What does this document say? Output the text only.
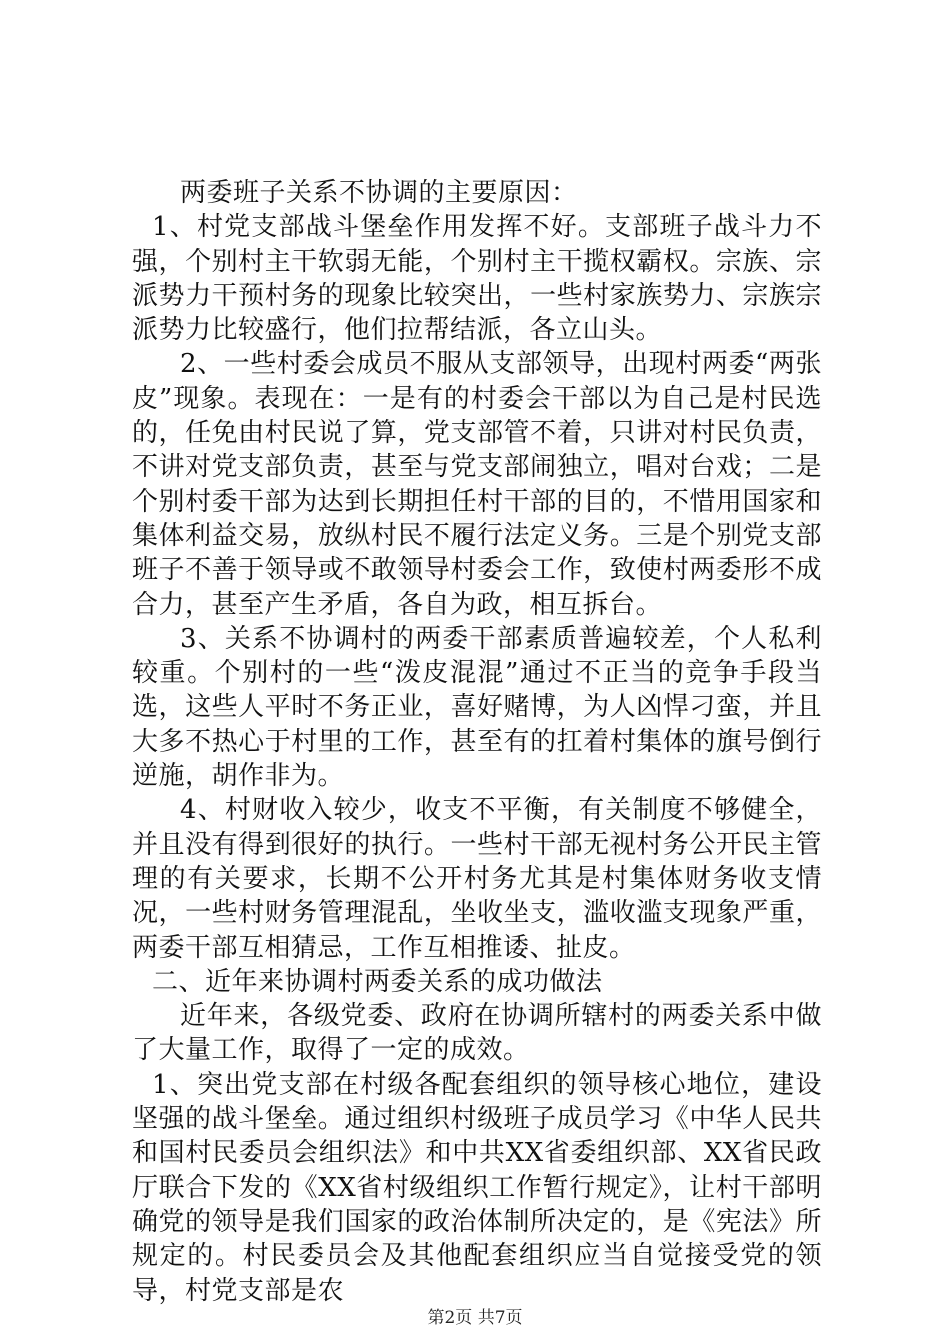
两委班子关系不协调的主要原因：

1、村党支部战斗堡垒作用发挥不好。支部班子战斗力不强，个别村主干软弱无能，个别村主干揽权霸权。宗族、宗派势力干预村务的现象比较突出，一些村家族势力、宗族宗派势力比较盛行，他们拉帮结派，各立山头。

2、一些村委会成员不服从支部领导，出现村两委“两张皮”现象。表现在：一是有的村委会干部以为自己是村民选的，任免由村民说了算，党支部管不着，只讲对村民负责，不讲对党支部负责，甚至与党支部闹独立，唱对台戏；二是个别村委干部为达到长期担任村干部的目的，不惜用国家和集体利益交易，放纵村民不履行法定义务。三是个别党支部班子不善于领导或不敢领导村委会工作，致使村两委形不成合力，甚至产生矛盾，各自为政，相互拆台。

3、关系不协调村的两委干部素质普遍较差，个人私利较重。个别村的一些“泼皮混混”通过不正当的竞争手段当选，这些人平时不务正业，喜好赌博，为人凶悍刁蛮，并且大多不热心于村里的工作，甚至有的扛着村集体的旗号倒行逆施，胡作非为。

4、村财收入较少，收支不平衡，有关制度不够健全，并且没有得到很好的执行。一些村干部无视村务公开民主管理的有关要求，长期不公开村务尤其是村集体财务收支情况，一些村财务管理混乱，坐收坐支，滥收滥支现象严重，两委干部互相猜忌，工作互相推诿、扯皮。

二、近年来协调村两委关系的成功做法

近年来，各级党委、政府在协调所辖村的两委关系中做了大量工作，取得了一定的成效。

1、突出党支部在村级各配套组织的领导核心地位，建设坚强的战斗堡垒。通过组织村级班子成员学习《中华人民共和国村民委员会组织法》和中共XX省委组织部、XX省民政厅联合下发的《XX省村级组织工作暂行规定》，让村干部明确党的领导是我们国家的政治体制所决定的，是《宪法》所规定的。村民委员会及其他配套组织应当自觉接受党的领导，村党支部是农

第2页 共7页
